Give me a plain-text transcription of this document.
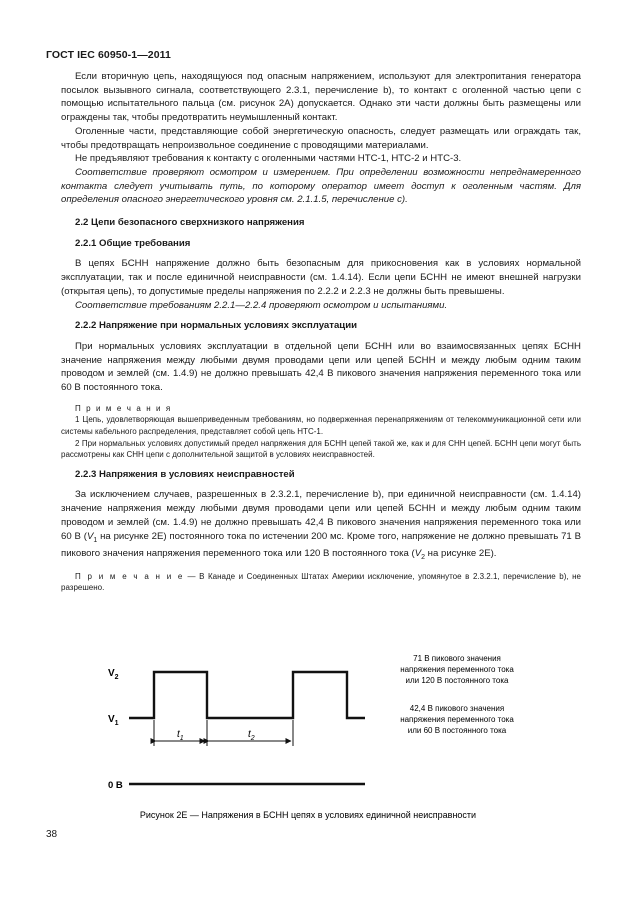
ГОСТ IEC 60950-1—2011

Если вторичную цепь, находящуюся под опасным напряжением, используют для электропитания генератора посылок вызывного сигнала, соответствующего 2.3.1, перечисление b), то контакт с оголенной частью цепи с помощью испытательного пальца (см. рисунок 2А) допускается. Однако эти части должны быть размещены или ограждены так, чтобы предотвратить неумышленный контакт.

Оголенные части, представляющие собой энергетическую опасность, следует размещать или ограждать так, чтобы предотвращать непроизвольное соединение с проводящими материалами.

Не предъявляют требования к контакту с оголенными частями НТС-1, НТС-2 и НТС-3.

Соответствие проверяют осмотром и измерением. При определении возможности непреднамеренного контакта следует учитывать путь, по которому оператор имеет доступ к оголенным частям. Для определения опасного энергетического уровня см. 2.1.1.5, перечисление c).

2.2 Цепи безопасного сверхнизкого напряжения

2.2.1 Общие требования

В цепях БСНН напряжение должно быть безопасным для прикосновения как в условиях нормальной эксплуатации, так и после единичной неисправности (см. 1.4.14). Если цепи БСНН не имеют внешней нагрузки (открытая цепь), то допустимые пределы напряжения по 2.2.2 и 2.2.3 не должны быть превышены.

Соответствие требованиям 2.2.1—2.2.4 проверяют осмотром и испытаниями.

2.2.2 Напряжение при нормальных условиях эксплуатации

При нормальных условиях эксплуатации в отдельной цепи БСНН или во взаимосвязанных цепях БСНН значение напряжения между любыми двумя проводами цепи или цепей БСНН и между любым одним таким проводом и землей (см. 1.4.9) не должно превышать 42,4 В пикового значения напряжения переменного тока или 60 В постоянного тока.

П р и м е ч а н и я

1 Цепь, удовлетворяющая вышеприведенным требованиям, но подверженная перенапряжениям от телекоммуникационной сети или системы кабельного распределения, представляет собой цепь НТС-1.

2 При нормальных условиях допустимый предел напряжения для БСНН цепей такой же, как и для СНН цепей. БСНН цепи могут быть рассмотрены как СНН цепи с дополнительной защитой в условиях неисправностей.

2.2.3 Напряжения в условиях неисправностей

За исключением случаев, разрешенных в 2.3.2.1, перечисление b), при единичной неисправности (см. 1.4.14) значение напряжения между любыми двумя проводами цепи или цепей БСНН и между любым одним таким проводом и землей (см. 1.4.9) не должно превышать 42,4 В пикового значения напряжения переменного тока или 60 В ($V_1$ на рисунке 2Е) постоянного тока по истечении 200 мс. Кроме того, напряжение не должно превышать 71 В пикового значения напряжения переменного тока или 120 В постоянного тока ($V_2$ на рисунке 2Е).

П р и м е ч а н и е — В Канаде и Соединенных Штатах Америки исключение, упомянутое в 2.3.2.1, перечисление b), не разрешено.

$V_2$
$V_1$
$t_1$	$t_2$
0 В
71 В пикового значения
напряжения переменного тока
или 120 В постоянного тока
42,4 В пикового значения
напряжения переменного тока
или 60 В постоянного тока
Рисунок 2Е — Напряжения в БСНН цепях в условиях единичной неисправности
38
